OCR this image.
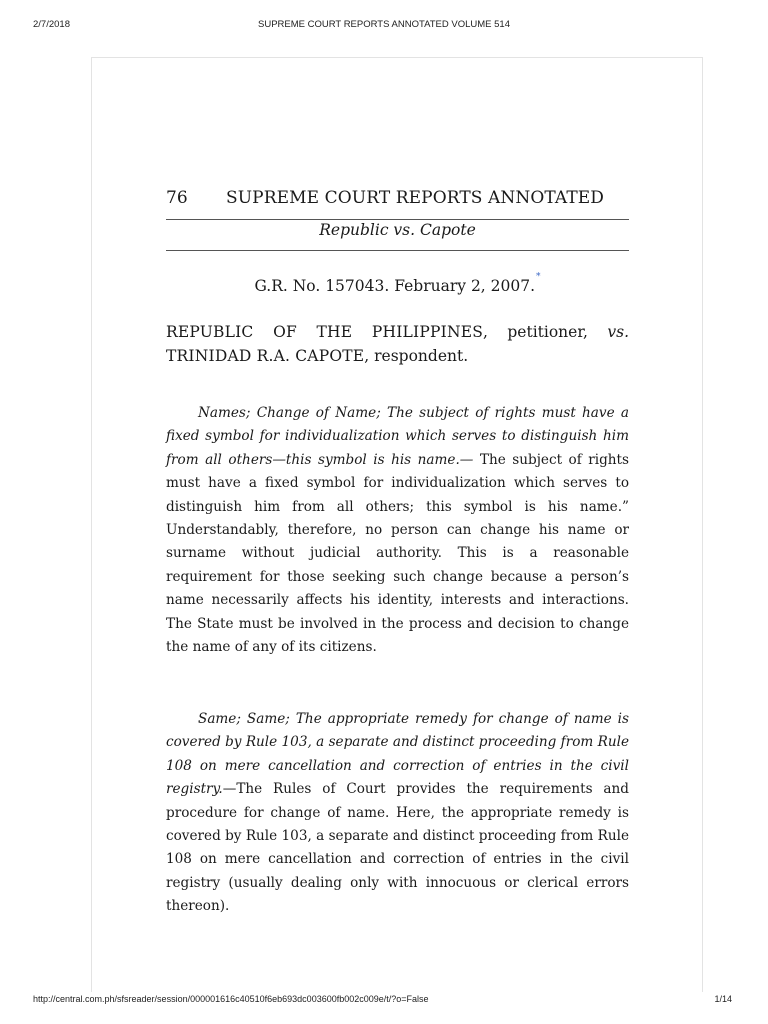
2/7/2018	SUPREME COURT REPORTS ANNOTATED VOLUME 514
76 SUPREME COURT REPORTS ANNOTATED
Republic vs. Capote
G.R. No. 157043. February 2, 2007.*
REPUBLIC OF THE PHILIPPINES, petitioner, vs. TRINIDAD R.A. CAPOTE, respondent.

Names; Change of Name; The subject of rights must have a fixed symbol for individualization which serves to distinguish him from all others—this symbol is his name.— The subject of rights must have a fixed symbol for individualization which serves to distinguish him from all others; this symbol is his name.” Understandably, therefore, no person can change his name or surname without judicial authority. This is a reasonable requirement for those seeking such change because a person’s name necessarily affects his identity, interests and interactions. The State must be involved in the process and decision to change the name of any of its citizens.

Same; Same; The appropriate remedy for change of name is covered by Rule 103, a separate and distinct proceeding from Rule 108 on mere cancellation and correction of entries in the civil registry.—The Rules of Court provides the requirements and procedure for change of name. Here, the appropriate remedy is covered by Rule 103, a separate and distinct proceeding from Rule 108 on mere cancellation and correction of entries in the civil registry (usually dealing only with innocuous or clerical errors thereon).

http://central.com.ph/sfsreader/session/000001616c40510f6eb693dc003600fb002c009e/t/?o=False	1/14
